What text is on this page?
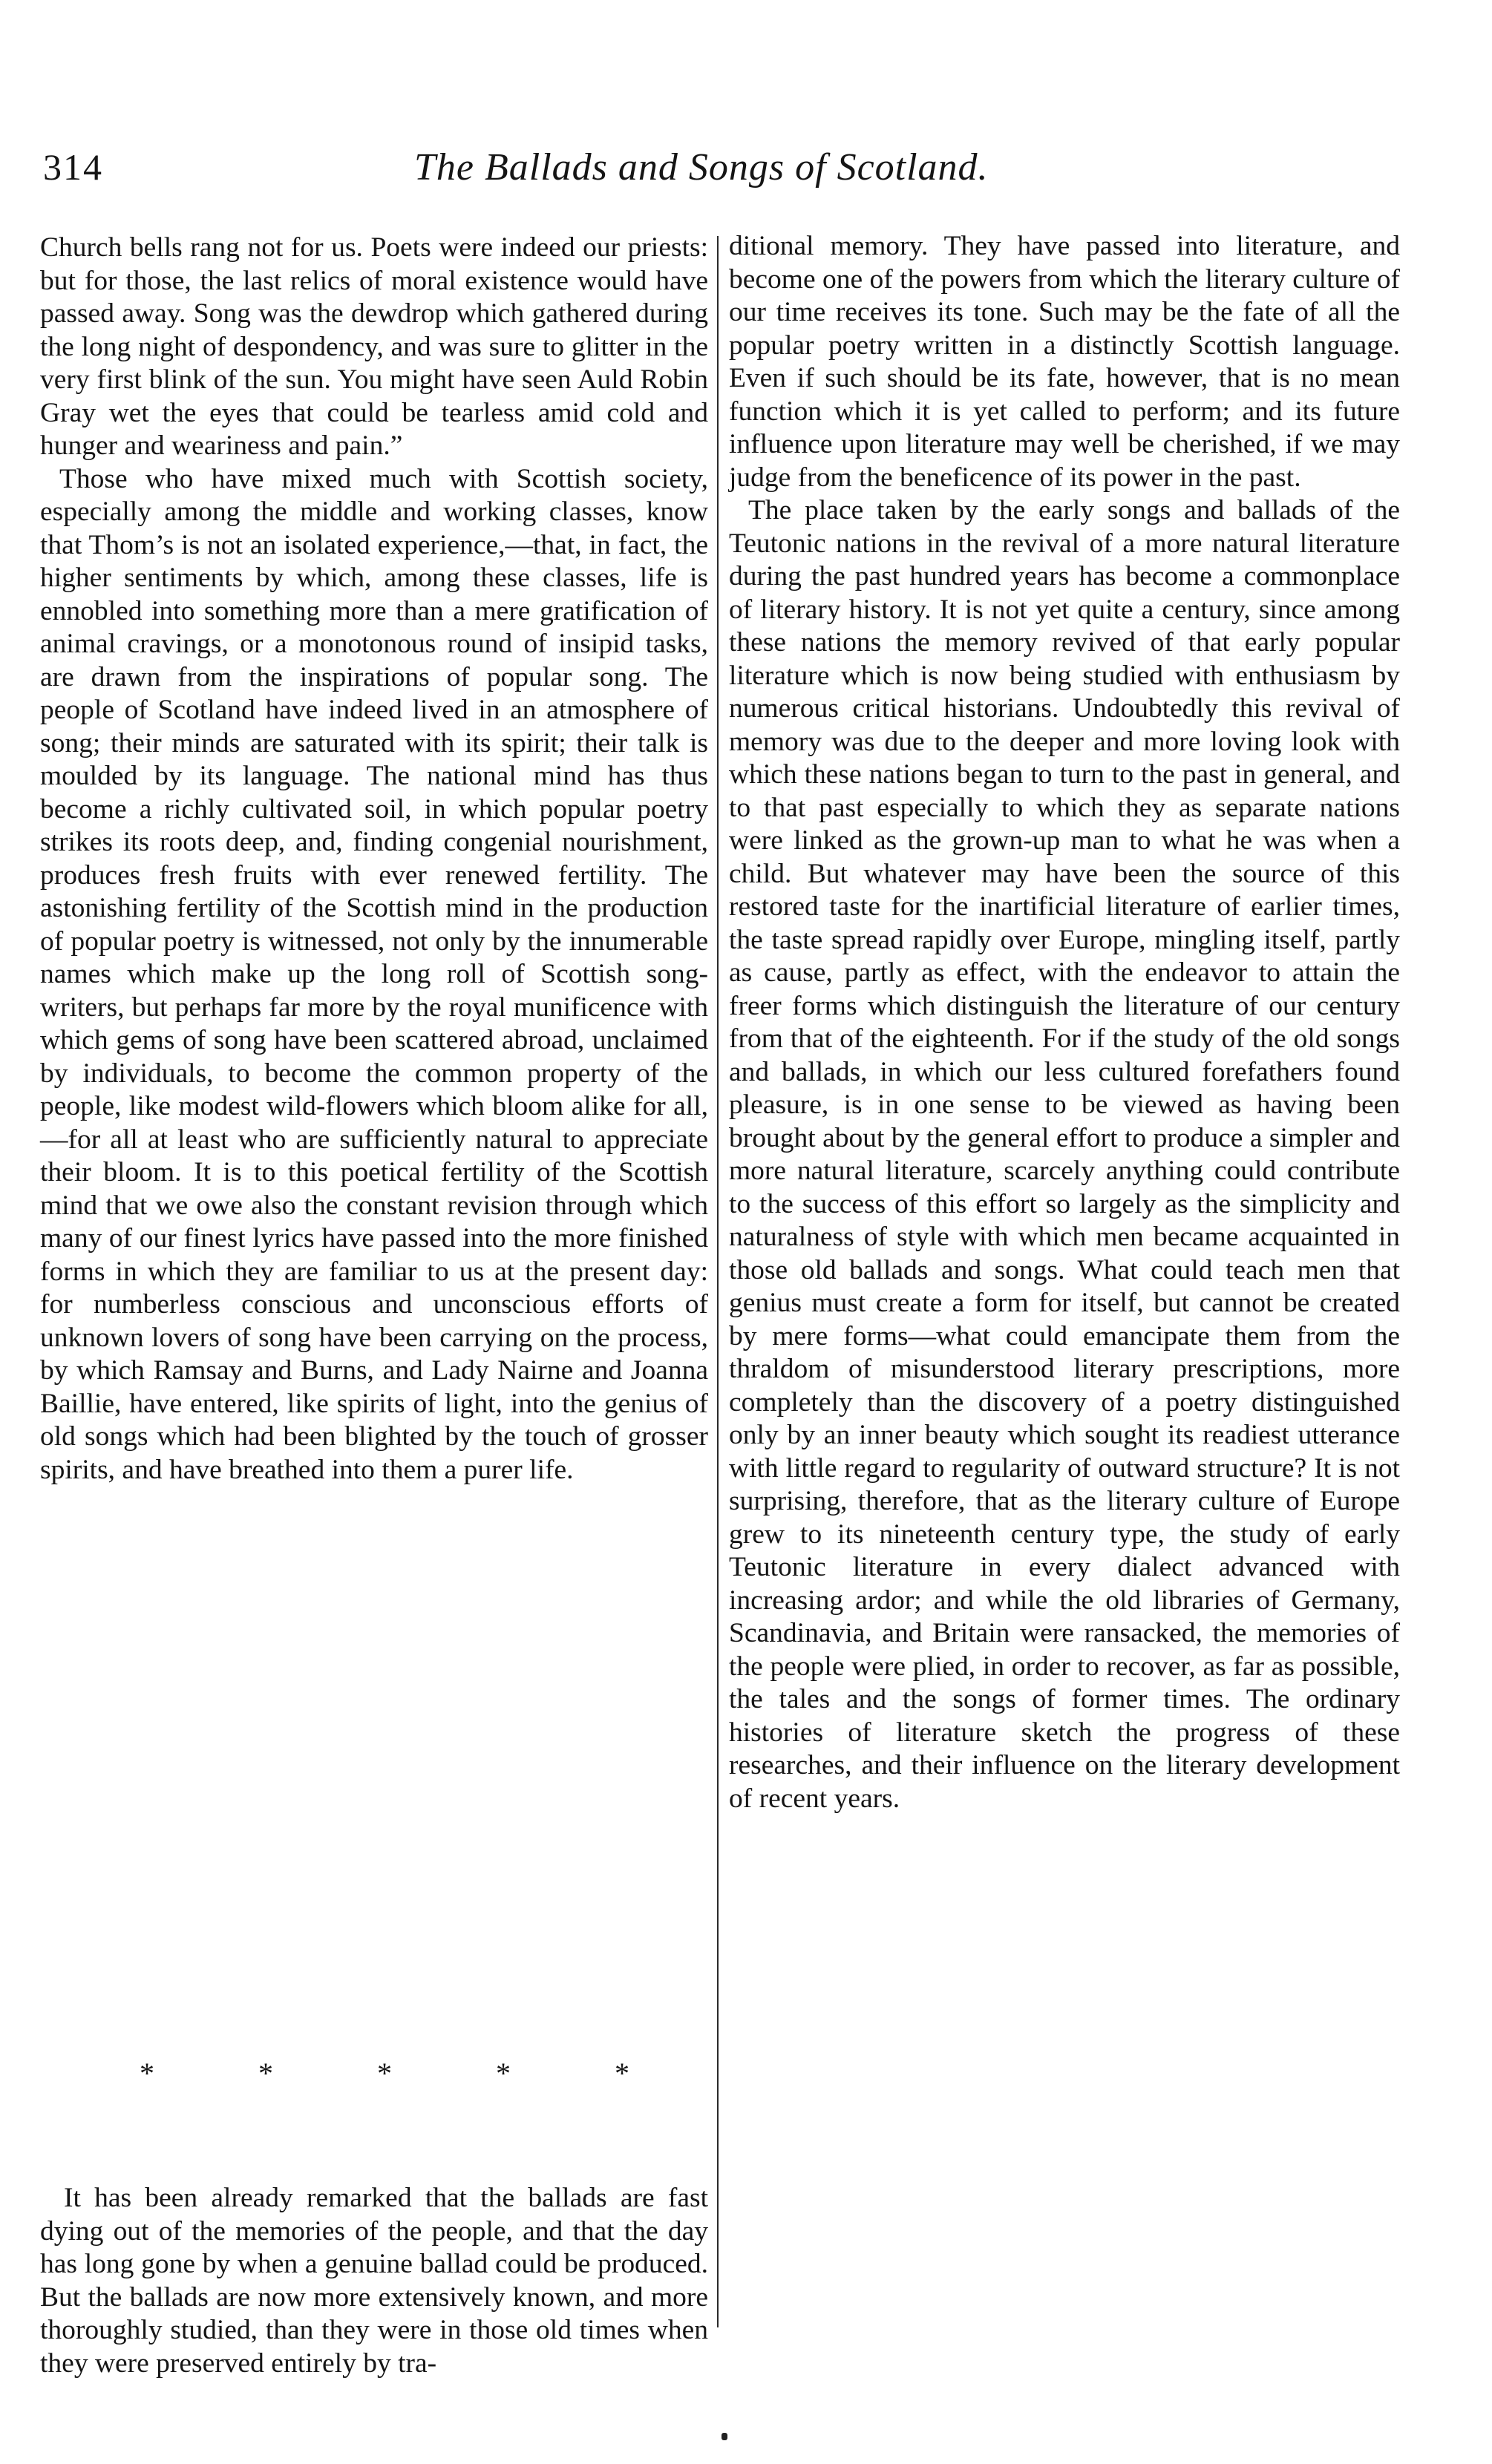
314	The Ballads and Songs of Scotland.

Church bells rang not for us. Poets were indeed our priests: but for those, the last relics of moral existence would have passed away. Song was the dewdrop which gathered during the long night of despondency, and was sure to glitter in the very first blink of the sun. You might have seen Auld Robin Gray wet the eyes that could be tearless amid cold and hunger and weariness and pain.”

Those who have mixed much with Scottish society, especially among the middle and working classes, know that Thom’s is not an isolated experience,—that, in fact, the higher sentiments by which, among these classes, life is ennobled into something more than a mere gratification of animal cravings, or a monotonous round of insipid tasks, are drawn from the inspirations of popular song. The people of Scotland have indeed lived in an atmosphere of song; their minds are saturated with its spirit; their talk is moulded by its language. The national mind has thus become a richly cultivated soil, in which popular poetry strikes its roots deep, and, finding congenial nourishment, produces fresh fruits with ever renewed fertility. The astonishing fertility of the Scottish mind in the production of popular poetry is witnessed, not only by the innumerable names which make up the long roll of Scottish song-writers, but perhaps far more by the royal munificence with which gems of song have been scattered abroad, unclaimed by individuals, to become the common property of the people, like modest wild-flowers which bloom alike for all,—for all at least who are sufficiently natural to appreciate their bloom. It is to this poetical fertility of the Scottish mind that we owe also the constant revision through which many of our finest lyrics have passed into the more finished forms in which they are familiar to us at the present day: for numberless conscious and unconscious efforts of unknown lovers of song have been carrying on the process, by which Ramsay and Burns, and Lady Nairne and Joanna Baillie, have entered, like spirits of light, into the genius of old songs which had been blighted by the touch of grosser spirits, and have breathed into them a purer life.

*	*	*	*	*

It has been already remarked that the ballads are fast dying out of the memories of the people, and that the day has long gone by when a genuine ballad could be produced. But the ballads are now more extensively known, and more thoroughly studied, than they were in those old times when they were preserved entirely by tra-

ditional memory. They have passed into literature, and become one of the powers from which the literary culture of our time receives its tone. Such may be the fate of all the popular poetry written in a distinctly Scottish language. Even if such should be its fate, however, that is no mean function which it is yet called to perform; and its future influence upon literature may well be cherished, if we may judge from the beneficence of its power in the past.

The place taken by the early songs and ballads of the Teutonic nations in the revival of a more natural literature during the past hundred years has become a commonplace of literary history. It is not yet quite a century, since among these nations the memory revived of that early popular literature which is now being studied with enthusiasm by numerous critical historians. Undoubtedly this revival of memory was due to the deeper and more loving look with which these nations began to turn to the past in general, and to that past especially to which they as separate nations were linked as the grown-up man to what he was when a child. But whatever may have been the source of this restored taste for the inartificial literature of earlier times, the taste spread rapidly over Europe, mingling itself, partly as cause, partly as effect, with the endeavor to attain the freer forms which distinguish the literature of our century from that of the eighteenth. For if the study of the old songs and ballads, in which our less cultured forefathers found pleasure, is in one sense to be viewed as having been brought about by the general effort to produce a simpler and more natural literature, scarcely anything could contribute to the success of this effort so largely as the simplicity and naturalness of style with which men became acquainted in those old ballads and songs. What could teach men that genius must create a form for itself, but cannot be created by mere forms—what could emancipate them from the thraldom of misunderstood literary prescriptions, more completely than the discovery of a poetry distinguished only by an inner beauty which sought its readiest utterance with little regard to regularity of outward structure? It is not surprising, therefore, that as the literary culture of Europe grew to its nineteenth century type, the study of early Teutonic literature in every dialect advanced with increasing ardor; and while the old libraries of Germany, Scandinavia, and Britain were ransacked, the memories of the people were plied, in order to recover, as far as possible, the tales and the songs of former times. The ordinary histories of literature sketch the progress of these researches, and their influence on the literary development of recent years.
